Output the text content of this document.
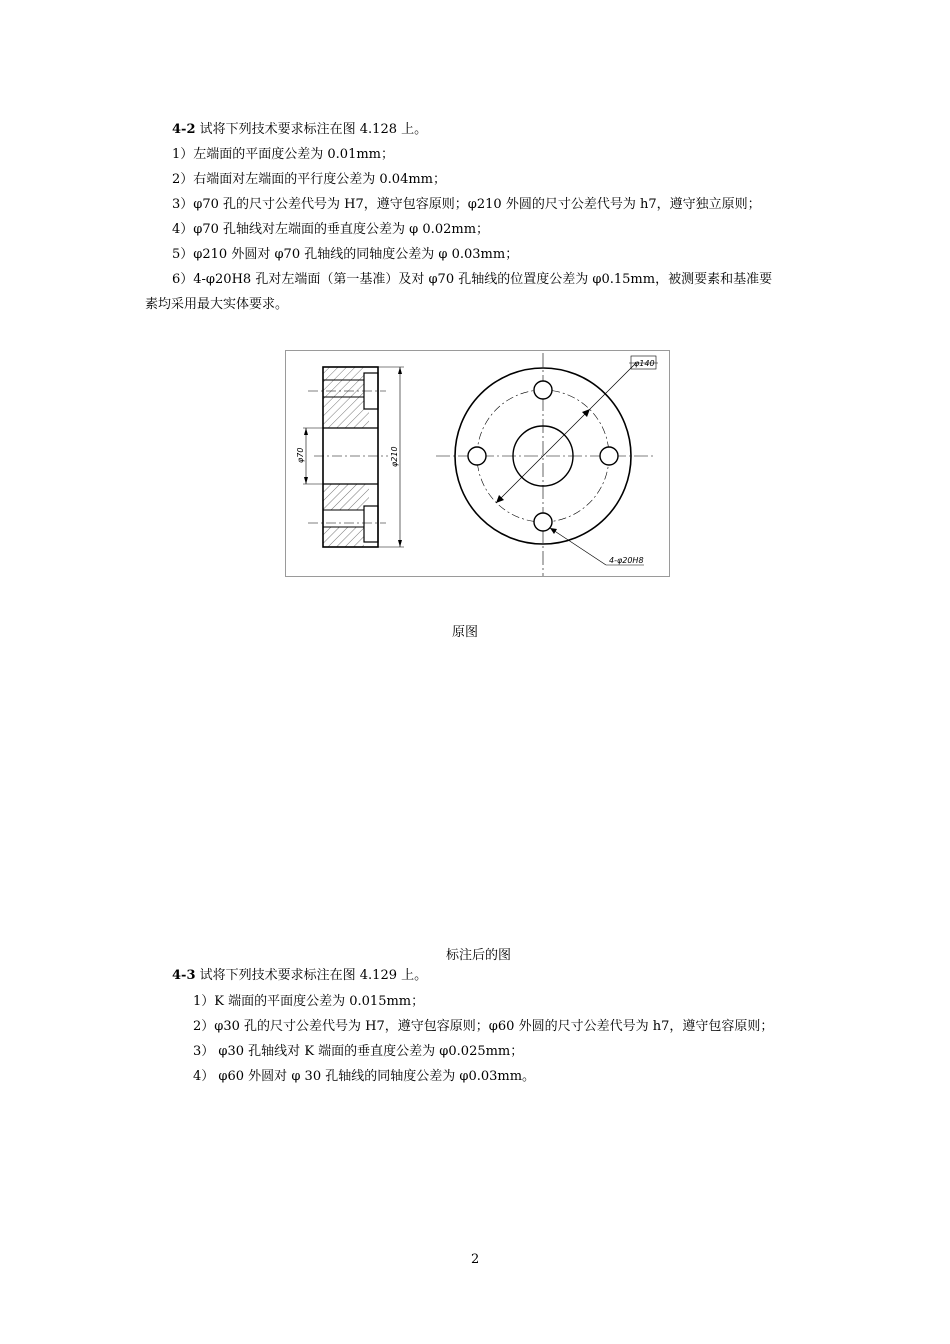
4-2 试将下列技术要求标注在图 4.128 上。
1）左端面的平面度公差为 0.01mm；
2）右端面对左端面的平行度公差为 0.04mm；
3）φ70 孔的尺寸公差代号为 H7，遵守包容原则；φ210 外圆的尺寸公差代号为 h7，遵守独立原则；
4）φ70 孔轴线对左端面的垂直度公差为 φ 0.02mm；
5）φ210 外圆对 φ70 孔轴线的同轴度公差为 φ 0.03mm；
6）4-φ20H8 孔对左端面（第一基准）及对 φ70 孔轴线的位置度公差为 φ0.15mm，被测要素和基准要
素均采用最大实体要求。
φ70	φ210
φ140
4-φ20H8
原图
标注后的图
4-3 试将下列技术要求标注在图 4.129 上。
1）K 端面的平面度公差为 0.015mm；
2）φ30 孔的尺寸公差代号为 H7，遵守包容原则；φ60 外圆的尺寸公差代号为 h7，遵守包容原则；
3） φ30 孔轴线对 K 端面的垂直度公差为 φ0.025mm；
4） φ60 外圆对 φ 30 孔轴线的同轴度公差为 φ0.03mm。
2
